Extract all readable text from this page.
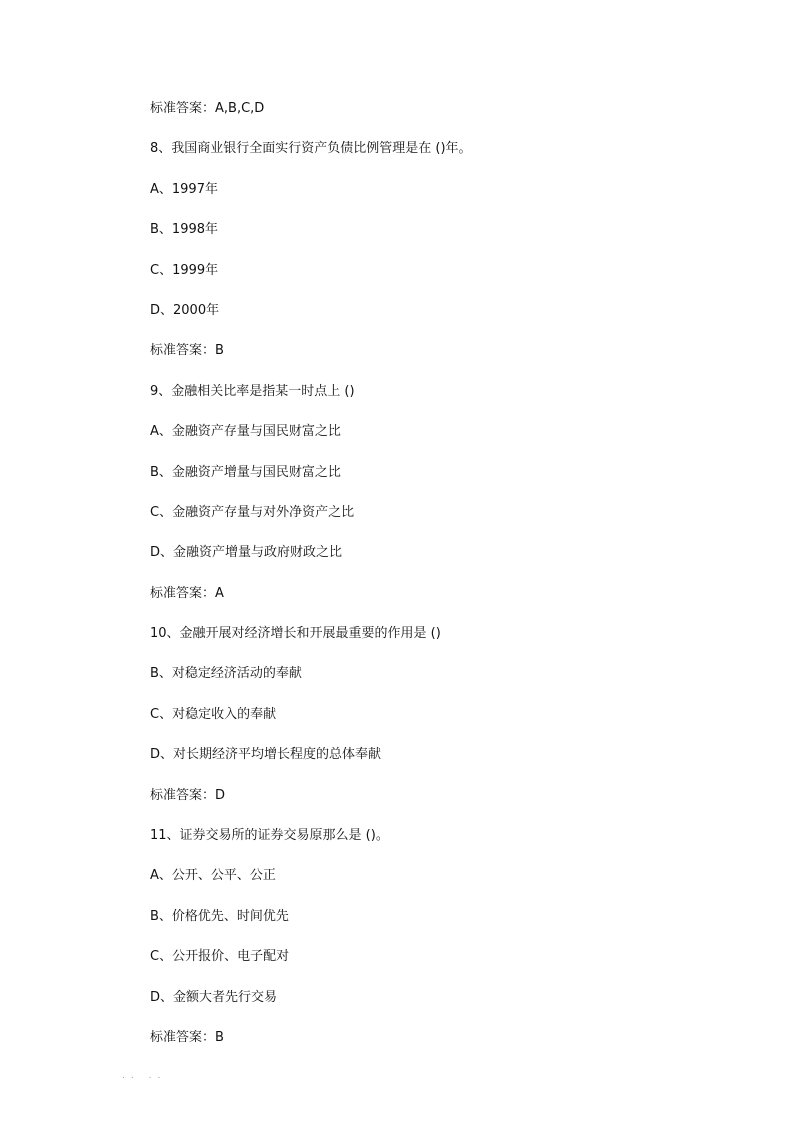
标准答案：A,B,C,D
8、我国商业银行全面实行资产负债比例管理是在 ()年。
A、1997年
B、1998年
C、1999年
D、2000年
标准答案：B
9、金融相关比率是指某一时点上 ()
A、金融资产存量与国民财富之比
B、金融资产增量与国民财富之比
C、金融资产存量与对外净资产之比
D、金融资产增量与政府财政之比
标准答案：A
10、金融开展对经济增长和开展最重要的作用是 ()
B、对稳定经济活动的奉献
C、对稳定收入的奉献
D、对长期经济平均增长程度的总体奉献
标准答案：D
11、证券交易所的证券交易原那么是 ()。
A、公开、公平、公正
B、价格优先、时间优先
C、公开报价、电子配对
D、金额大者先行交易
标准答案：B
.. ..
